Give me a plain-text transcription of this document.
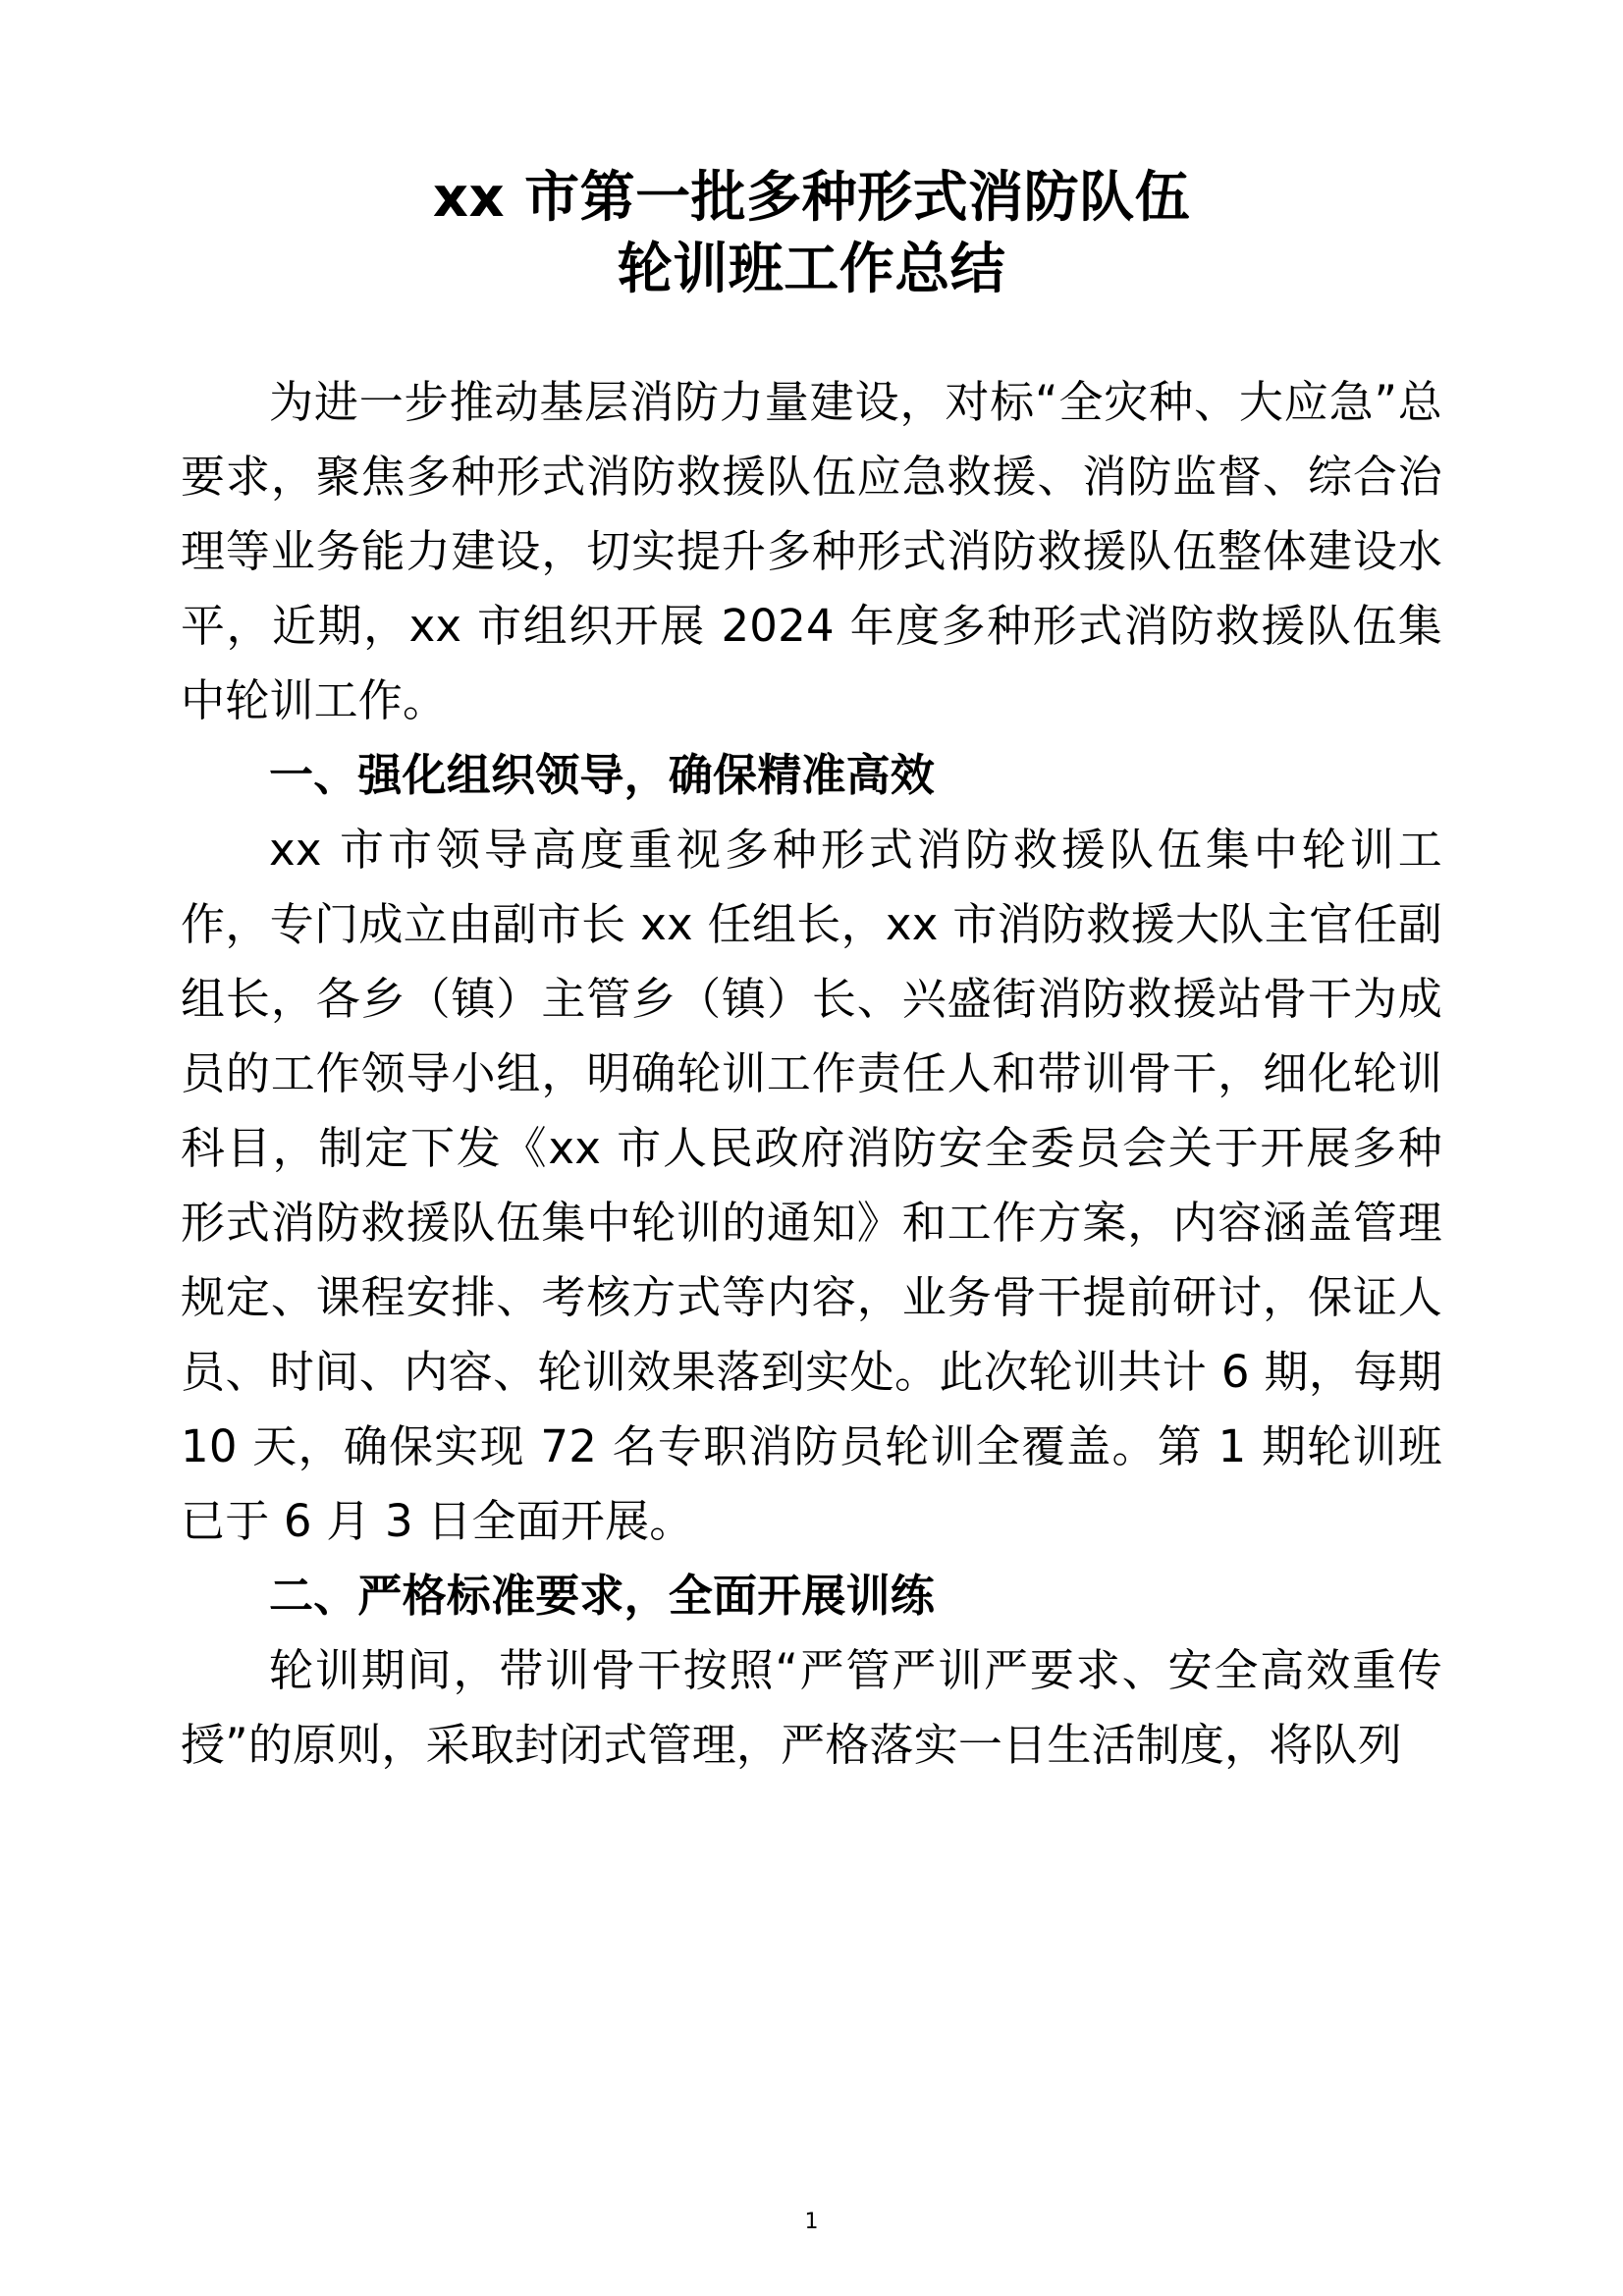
xx 市第一批多种形式消防队伍
轮训班工作总结

为进一步推动基层消防力量建设，对标“全灾种、大应急”总要求，聚焦多种形式消防救援队伍应急救援、消防监督、综合治理等业务能力建设，切实提升多种形式消防救援队伍整体建设水平，近期，xx 市组织开展 2024 年度多种形式消防救援队伍集中轮训工作。

一、强化组织领导，确保精准高效

xx 市市领导高度重视多种形式消防救援队伍集中轮训工作，专门成立由副市长 xx 任组长，xx 市消防救援大队主官任副组长，各乡（镇）主管乡（镇）长、兴盛街消防救援站骨干为成员的工作领导小组，明确轮训工作责任人和带训骨干，细化轮训科目，制定下发《xx 市人民政府消防安全委员会关于开展多种形式消防救援队伍集中轮训的通知》和工作方案，内容涵盖管理规定、课程安排、考核方式等内容，业务骨干提前研讨，保证人员、时间、内容、轮训效果落到实处。此次轮训共计 6 期，每期 10 天，确保实现 72 名专职消防员轮训全覆盖。第 1 期轮训班已于 6 月 3 日全面开展。

二、严格标准要求，全面开展训练

轮训期间，带训骨干按照“严管严训严要求、安全高效重传授”的原则，采取封闭式管理，严格落实一日生活制度，将队列

1
